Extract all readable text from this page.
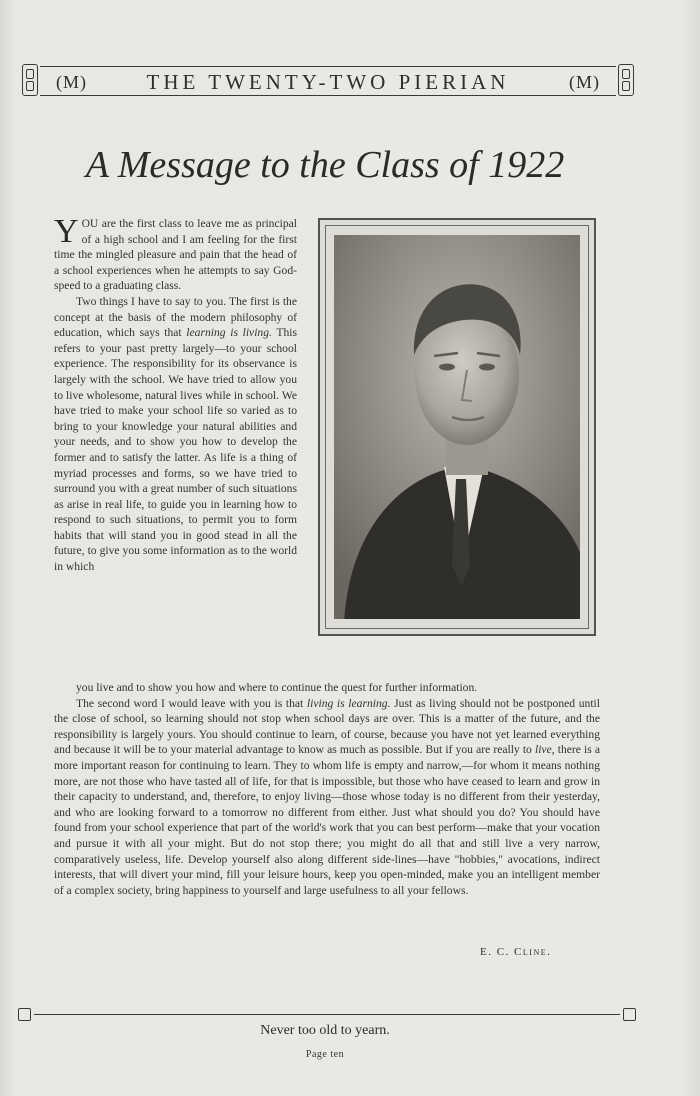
(M)	THE TWENTY-TWO PIERIAN	(M)
A Message to the Class of 1922

YOU are the first class to leave me as principal of a high school and I am feeling for the first time the mingled pleasure and pain that the head of a school experiences when he attempts to say God-speed to a graduating class.

Two things I have to say to you. The first is the concept at the basis of the modern philosophy of education, which says that learning is living. This refers to your past pretty largely—to your school experience. The responsibility for its observance is largely with the school. We have tried to allow you to live wholesome, natural lives while in school. We have tried to make your school life so varied as to bring to your knowledge your natural abilities and your needs, and to show you how to develop the former and to satisfy the latter. As life is a thing of myriad processes and forms, so we have tried to surround you with a great number of such situations as arise in real life, to guide you in learning how to respond to such situations, to permit you to form habits that will stand you in good stead in all the future, to give you some information as to the world in which

you live and to show you how and where to continue the quest for further information.

The second word I would leave with you is that living is learning. Just as living should not be postponed until the close of school, so learning should not stop when school days are over. This is a matter of the future, and the responsibility is largely yours. You should continue to learn, of course, because you have not yet learned everything and because it will be to your material advantage to know as much as possible. But if you are really to live, there is a more important reason for continuing to learn. They to whom life is empty and narrow,—for whom it means nothing more, are not those who have tasted all of life, for that is impossible, but those who have ceased to learn and grow in their capacity to understand, and, therefore, to enjoy living—those whose today is no different from their yesterday, and who are looking forward to a tomorrow no different from either. Just what should you do? You should have found from your school experience that part of the world's work that you can best perform—make that your vocation and pursue it with all your might. But do not stop there; you might do all that and still live a very narrow, comparatively useless, life. Develop yourself also along different side-lines—have "hobbies," avocations, indirect interests, that will divert your mind, fill your leisure hours, keep you open-minded, make you an intelligent member of a complex society, bring happiness to yourself and large usefulness to all your fellows.

E. C. Cline.
Never too old to yearn.
Page ten
